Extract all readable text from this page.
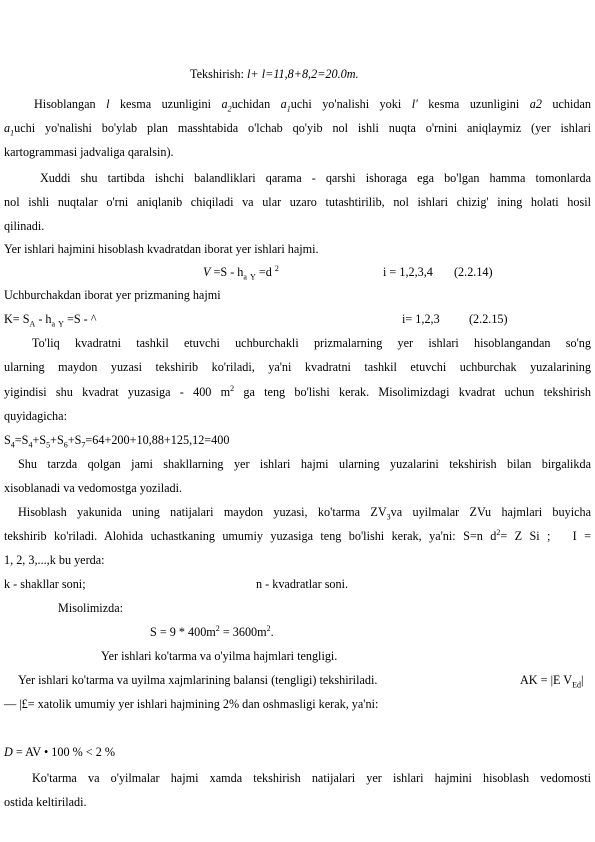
Tekshirish: l+ l=11,8+8,2=20.0m.
Hisoblangan l kesma uzunligini $a_2uchidan$ $a_1uchi$ yo'nalishi yoki l' kesma uzunligini a2 uchidan
$a_1uchi$ yo'nalishi bo'ylab plan masshtabida o'lchab qo'yib nol ishli nuqta o'rnini aniqlaymiz (yer ishlari
kartogrammasi jadvaliga qaralsin).
Xuddi shu tartibda ishchi balandliklari qarama - qarshi ishoraga ega bo'lgan hamma tomonlarda
nol ishli nuqtalar o'rni aniqlanib chiqiladi va ular uzaro tutashtirilib, nol ishlari chizig' ining holati hosil
qilinadi.
Yer ishlari hajmini hisoblash kvadratdan iborat yer ishlari hajmi.
$V =S - h_a$ $_Y$ =d $^2$	i = 1,2,3,4	(2.2.14)
Uchburchakdan iborat yer prizmaning hajmi
$K= S_A - h_a$ $_Y$ =S - ^	i= 1,2,3	(2.2.15)
To'liq kvadratni tashkil etuvchi uchburchakli prizmalarning yer ishlari hisoblangandan so'ng
ularning maydon yuzasi tekshirib ko'riladi, ya'ni kvadratni tashkil etuvchi uchburchak yuzalarining
yigindisi shu kvadrat yuzasiga - 400 $m^2$ ga teng bo'lishi kerak. Misolimizdagi kvadrat uchun tekshirish
quyidagicha:
$S_4=S_4+S_5+S_6+S_7=64+200+10,88+125,12=400$
Shu tarzda qolgan jami shakllarning yer ishlari hajmi ularning yuzalarini tekshirish bilan birgalikda
xisoblanadi va vedomostga yoziladi.
Hisoblash yakunida uning natijalari maydon yuzasi, ko'tarma $ZV_3va$ uyilmalar ZVu hajmlari buyicha
tekshirib ko'riladi. Alohida uchastkaning umumiy yuzasiga teng bo'lishi kerak, ya'ni: S=n $d^2= Z$ Si ;   I =
1, 2, 3,...,k bu yerda:
k - shakllar soni;	n - kvadratlar soni.
Misolimizda:
$S = 9 * 400m^2 = 3600m^2$.
Yer ishlari ko'tarma va o'yilma hajmlari tengligi.
Yer ishlari ko'tarma va uyilma xajmlarining balansi (tengligi) tekshiriladi.	AK = |E $V_{Ed}|$
— |£= xatolik umumiy yer ishlari hajmining 2% dan oshmasligi kerak, ya'ni:
D = AV • 100 % < 2 %
Ko'tarma va o'yilmalar hajmi xamda tekshirish natijalari yer ishlari hajmini hisoblash vedomosti
ostida keltiriladi.
